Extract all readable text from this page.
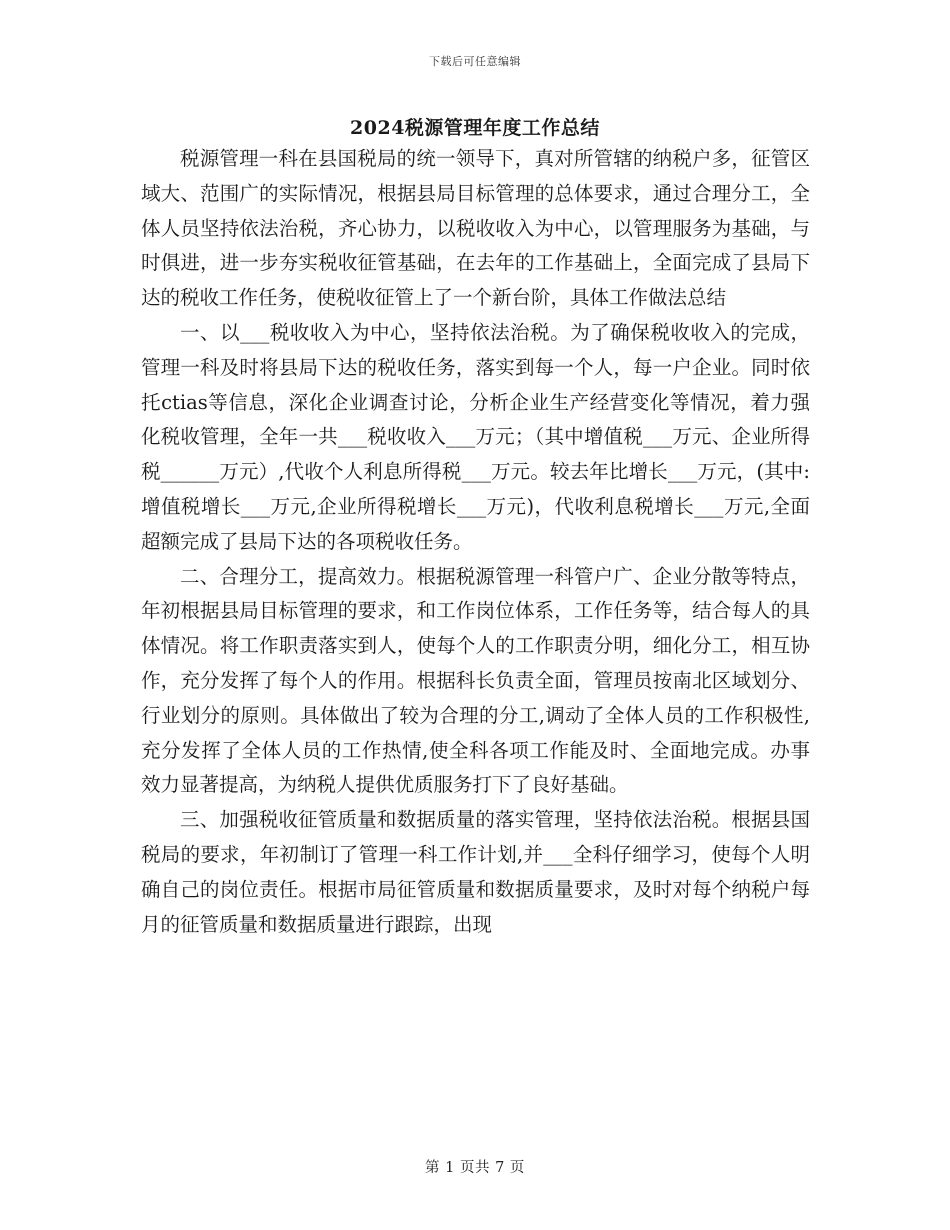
下载后可任意编辑
2024税源管理年度工作总结

税源管理一科在县国税局的统一领导下，真对所管辖的纳税户多，征管区域大、范围广的实际情况，根据县局目标管理的总体要求，通过合理分工，全体人员坚持依法治税，齐心协力，以税收收入为中心，以管理服务为基础，与时俱进，进一步夯实税收征管基础，在去年的工作基础上，全面完成了县局下达的税收工作任务，使税收征管上了一个新台阶，具体工作做法总结

一、以___税收收入为中心，坚持依法治税。为了确保税收收入的完成，管理一科及时将县局下达的税收任务，落实到每一个人，每一户企业。同时依托ctias等信息，深化企业调查讨论，分析企业生产经营变化等情况，着力强化税收管理，全年一共___税收收入___万元；（其中增值税___万元、企业所得税______万元）,代收个人利息所得税___万元。较去年比增长___万元，(其中:增值税增长___万元,企业所得税增长___万元)，代收利息税增长___万元,全面超额完成了县局下达的各项税收任务。

二、合理分工，提高效力。根据税源管理一科管户广、企业分散等特点，年初根据县局目标管理的要求，和工作岗位体系，工作任务等，结合每人的具体情况。将工作职责落实到人，使每个人的工作职责分明，细化分工，相互协作，充分发挥了每个人的作用。根据科长负责全面，管理员按南北区域划分、行业划分的原则。具体做出了较为合理的分工,调动了全体人员的工作积极性,充分发挥了全体人员的工作热情,使全科各项工作能及时、全面地完成。办事效力显著提高，为纳税人提供优质服务打下了良好基础。

三、加强税收征管质量和数据质量的落实管理，坚持依法治税。根据县国税局的要求，年初制订了管理一科工作计划,并___全科仔细学习，使每个人明确自己的岗位责任。根据市局征管质量和数据质量要求，及时对每个纳税户每月的征管质量和数据质量进行跟踪，出现

第 1 页共 7 页
